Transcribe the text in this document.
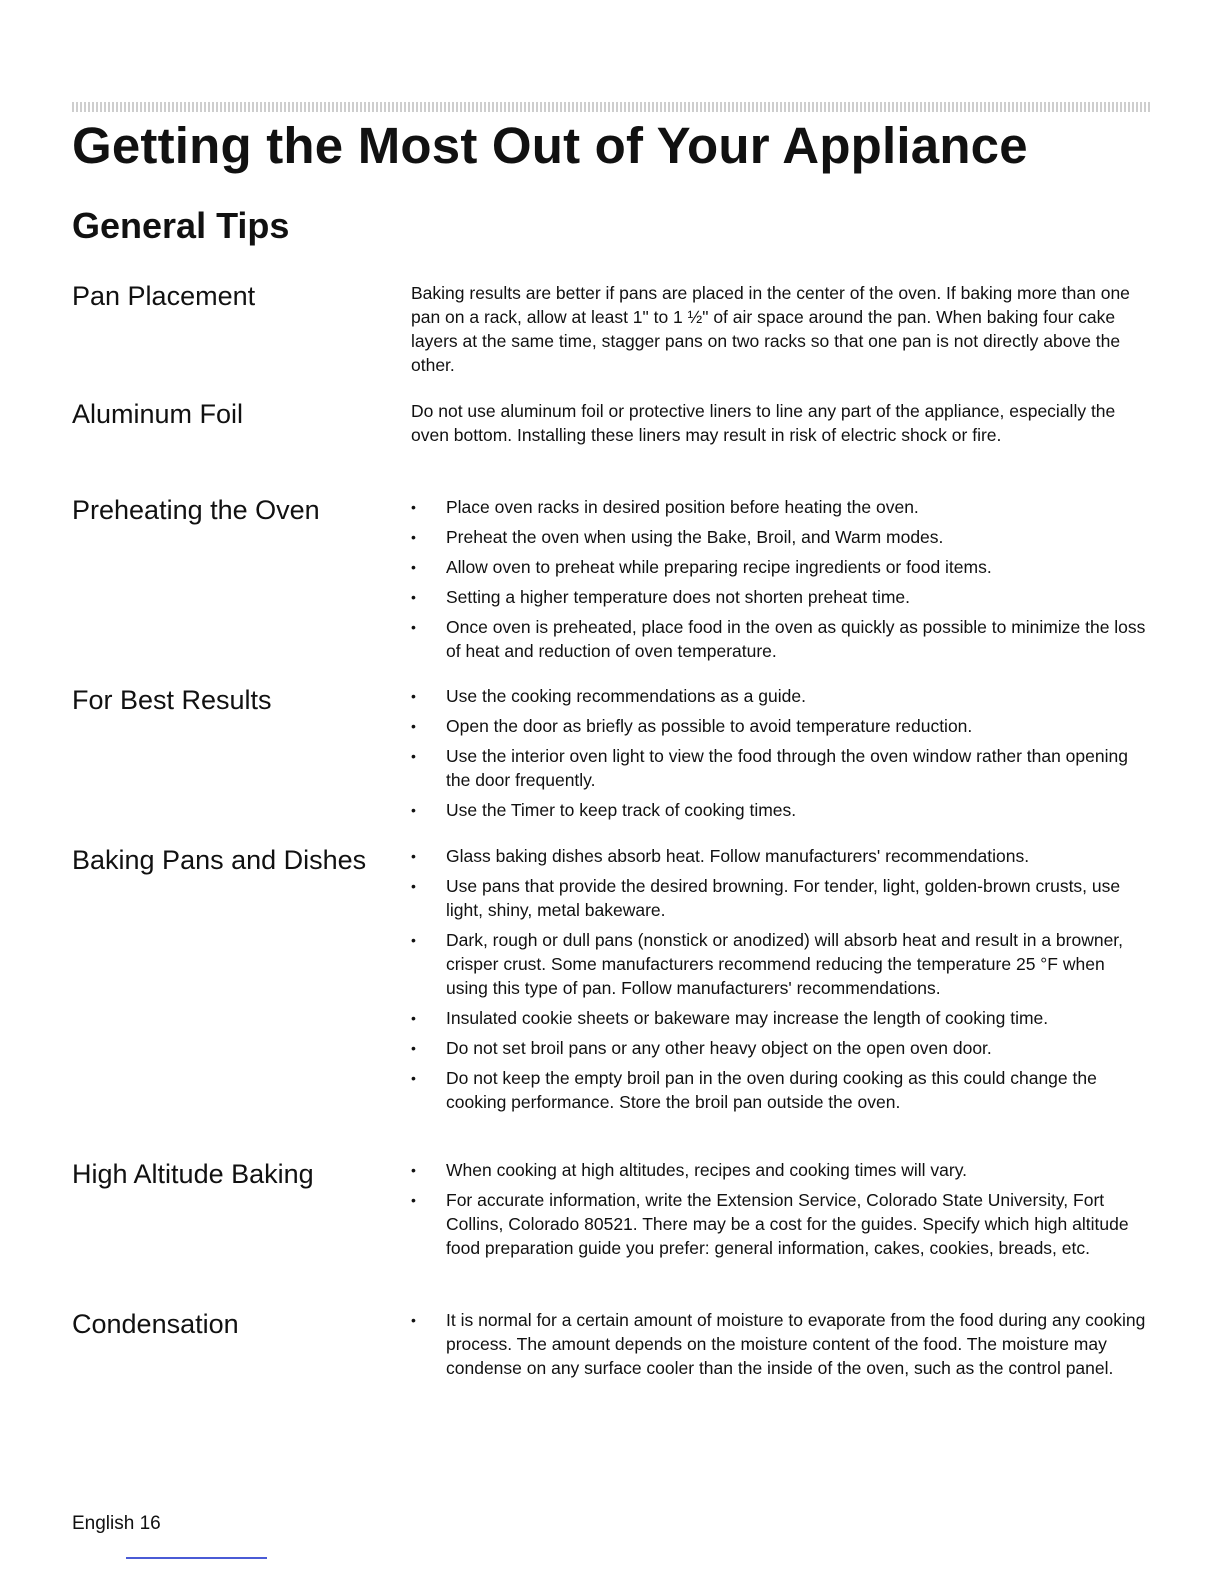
Getting the Most Out of Your Appliance
General Tips
Pan Placement	Baking results are better if pans are placed in the center of the oven. If baking more than one pan on a rack, allow at least 1" to 1 ½" of air space around the pan. When baking four cake layers at the same time, stagger pans on two racks so that one pan is not directly above the other.

Aluminum Foil	Do not use aluminum foil or protective liners to line any part of the appliance, especially the oven bottom. Installing these liners may result in risk of electric shock or fire.

Preheating the Oven	• Place oven racks in desired position before heating the oven.
• Preheat the oven when using the Bake, Broil, and Warm modes.
• Allow oven to preheat while preparing recipe ingredients or food items.
• Setting a higher temperature does not shorten preheat time.
• Once oven is preheated, place food in the oven as quickly as possible to minimize the loss of heat and reduction of oven temperature.
For Best Results	• Use the cooking recommendations as a guide.
• Open the door as briefly as possible to avoid temperature reduction.
• Use the interior oven light to view the food through the oven window rather than opening the door frequently.
• Use the Timer to keep track of cooking times.
Baking Pans and Dishes	• Glass baking dishes absorb heat. Follow manufacturers' recommendations.
• Use pans that provide the desired browning. For tender, light, golden-brown crusts, use light, shiny, metal bakeware.
• Dark, rough or dull pans (nonstick or anodized) will absorb heat and result in a browner, crisper crust. Some manufacturers recommend reducing the temperature 25 °F when using this type of pan. Follow manufacturers' recommendations.
• Insulated cookie sheets or bakeware may increase the length of cooking time.
• Do not set broil pans or any other heavy object on the open oven door.
• Do not keep the empty broil pan in the oven during cooking as this could change the cooking performance. Store the broil pan outside the oven.
High Altitude Baking	• When cooking at high altitudes, recipes and cooking times will vary.
• For accurate information, write the Extension Service, Colorado State University, Fort Collins, Colorado 80521. There may be a cost for the guides. Specify which high altitude food preparation guide you prefer: general information, cakes, cookies, breads, etc.
Condensation	• It is normal for a certain amount of moisture to evaporate from the food during any cooking process. The amount depends on the moisture content of the food. The moisture may condense on any surface cooler than the inside of the oven, such as the control panel.

English 16
